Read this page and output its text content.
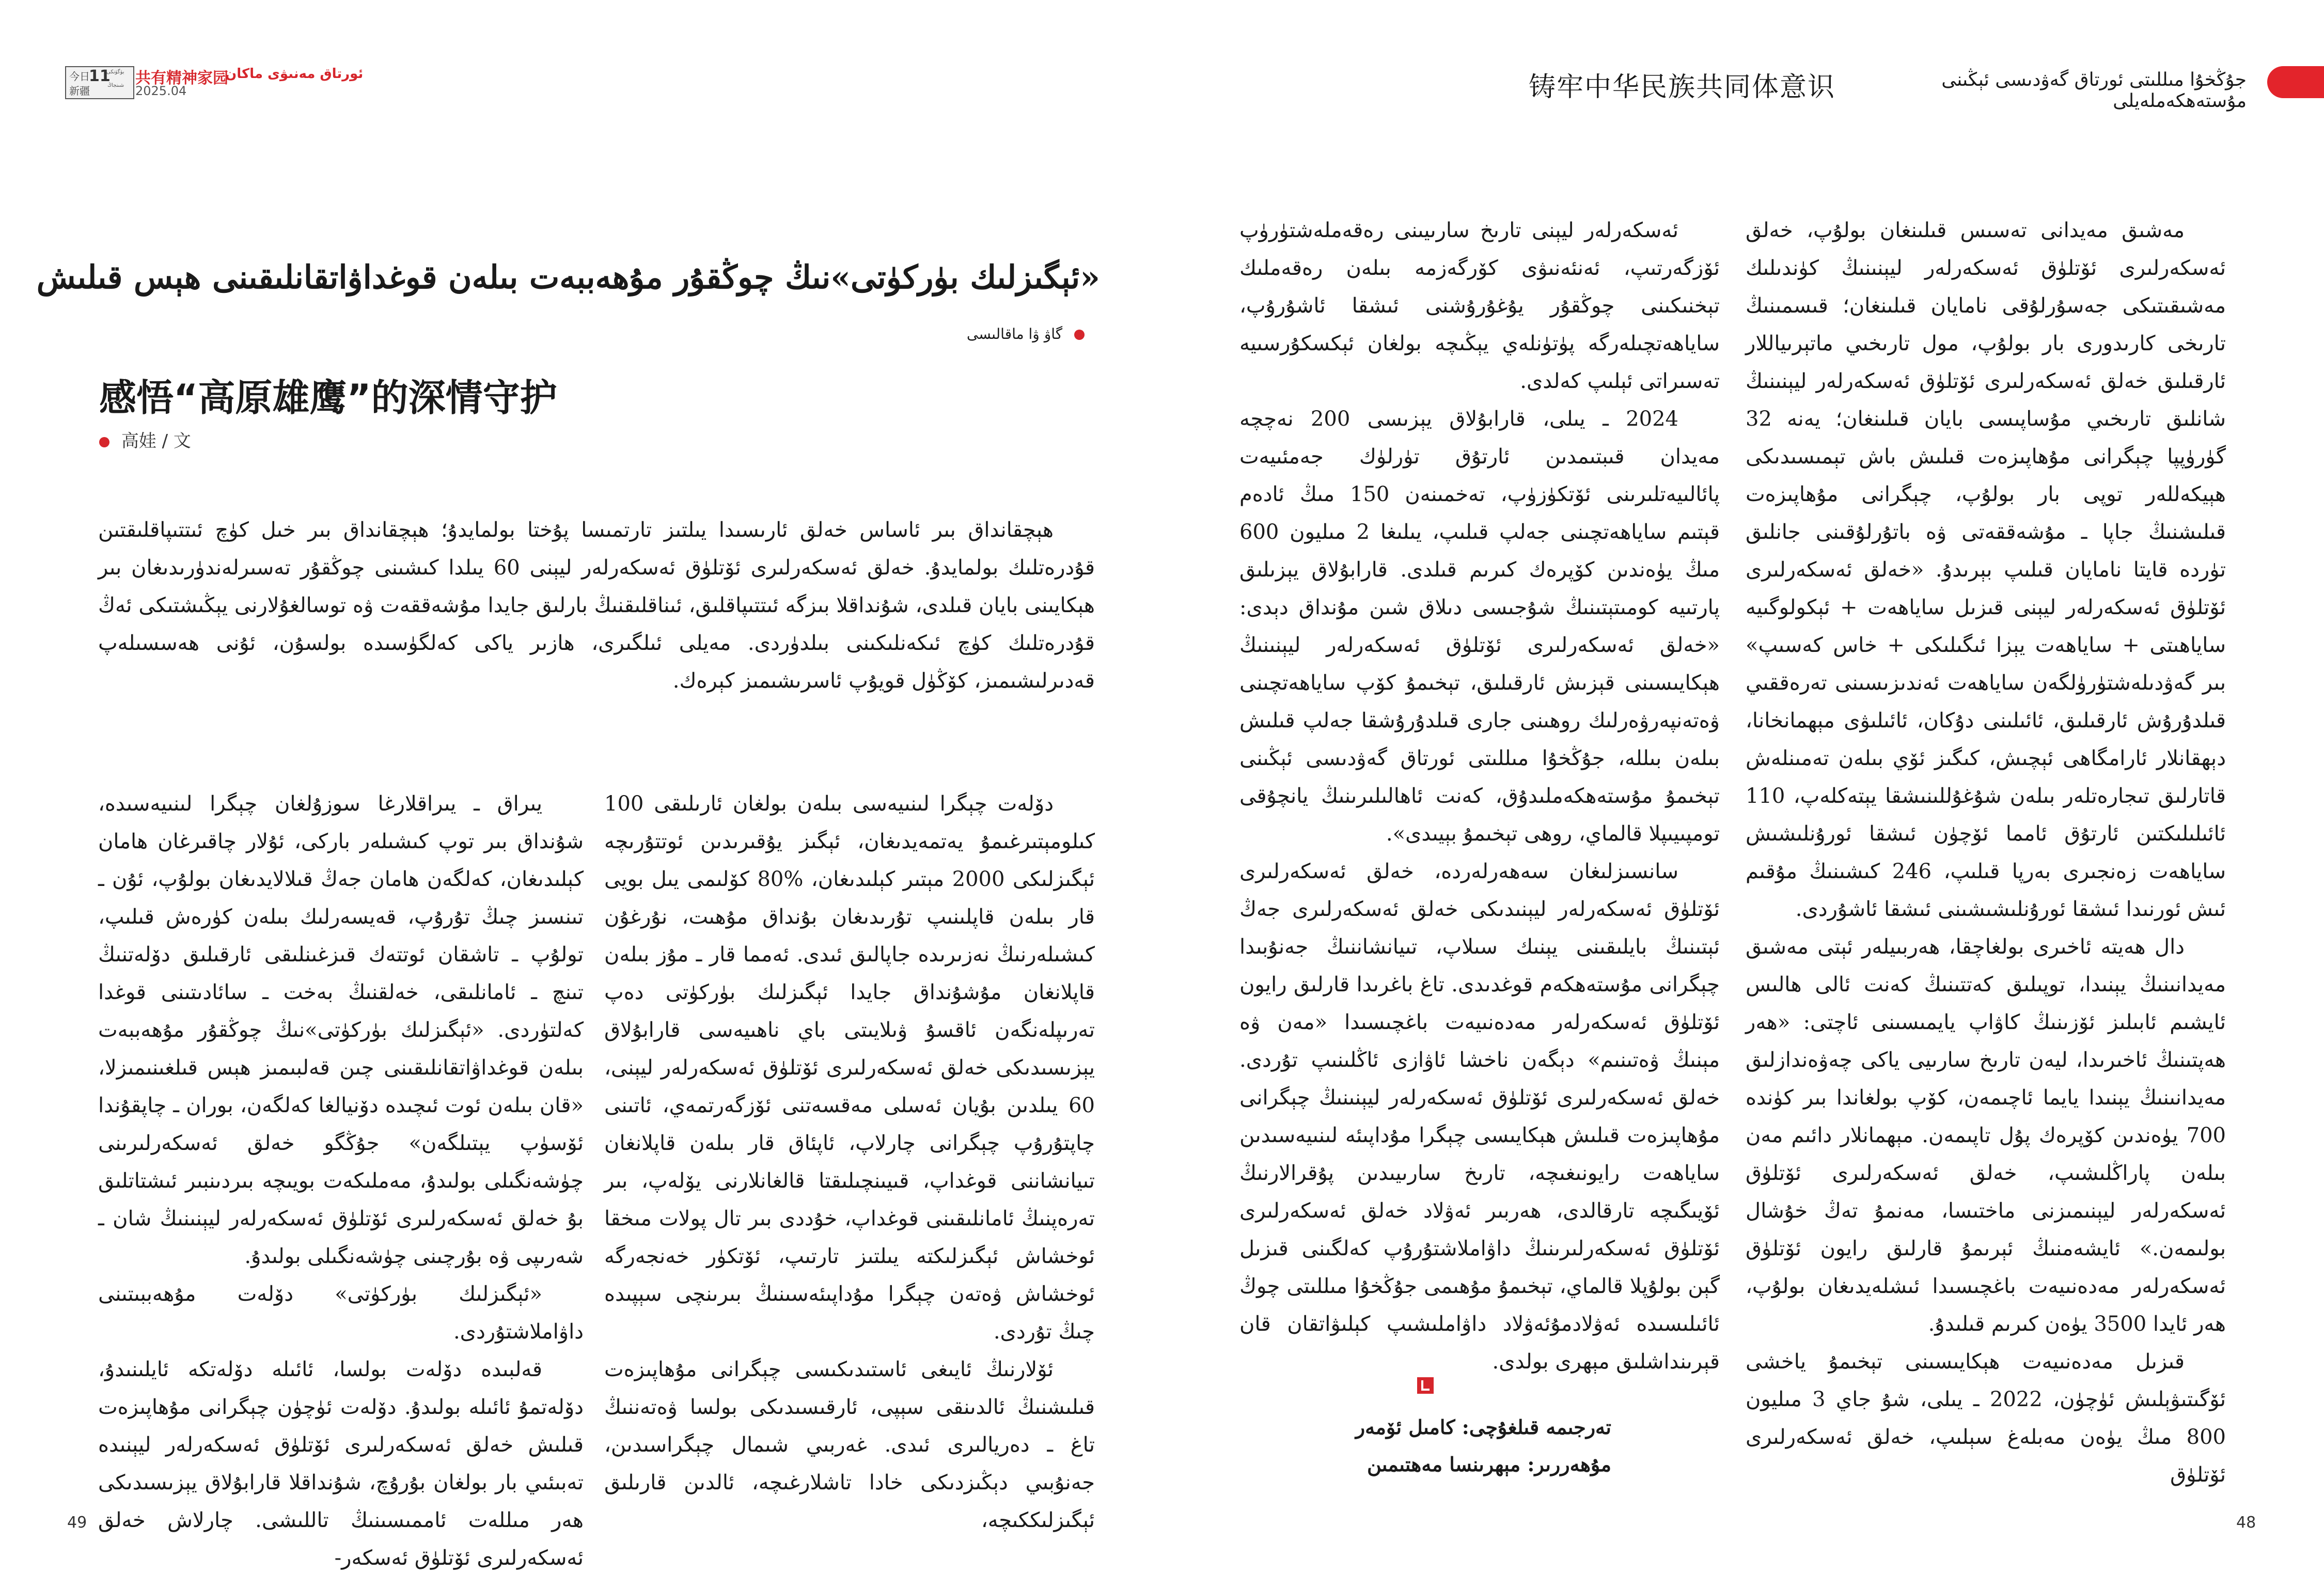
今日
11
新疆
بۈگۈنكى
شىنجاڭ 共有精神家园
ئورتاق مەنىۋى ماكان
2025.04	铸牢中华民族共同体意识	جۇڭخۇا مىللىتى ئورتاق گەۋدىسى ئېڭىنى مۇستەھكەملەيلى
«ئېگىزلىك بۈركۈتى»نىڭ چوڭقۇر مۇھەببەت بىلەن قوغداۋاتقانلىقىنى ھېس قىلىش
گاۋ ۋا ماقالىسى
感悟“高原雄鹰”的深情守护
高娃 / 文

ھېچقانداق بىر ئاساس خەلق ئارىسىدا يىلتىز تارتمىسا پۇختا بولمايدۇ؛ ھېچقانداق بىر خىل كۈچ ئىتتىپاقلىقتىن قۇدرەتلىك بولمايدۇ. خەلق ئەسكەرلىرى ئۆتلۈق ئەسكەرلەر ليېنى 60 يىلدا كىشىنى چوڭقۇر تەسىرلەندۈرىدىغان بىر ھېكايىنى بايان قىلدى، شۇنداقلا بىزگە ئىتتىپاقلىق، ئىناقلىقنىڭ بارلىق جايدا مۇشەققەت ۋە توسالغۇلارنى يېڭىشتىكى ئەڭ قۇدرەتلىك كۈچ ئىكەنلىكىنى بىلدۈردى. مەيلى ئىلگىرى، ھازىر ياكى كەلگۈسىدە بولسۇن، ئۇنى ھەسسىلەپ قەدىرلىشىمىز، كۆڭۈل قويۇپ ئاسرىشىمىز كېرەك.

دۆلەت چېگرا لىنىيەسى بىلەن بولغان ئارىلىقى 100 كىلومېتىرغىمۇ يەتمەيدىغان، ئېگىز يۇقىرىدىن ئوتتۇرىچە ئېگىزلىكى 2000 مېتىر كېلىدىغان، %80 كۆلىمى يىل بويى قار بىلەن قاپلىنىپ تۇرىدىغان بۇنداق مۇھىت، نۇرغۇن كىشىلەرنىڭ نەزىرىدە جاپالىق ئىدى. ئەمما قار ـ مۇز بىلەن قاپلانغان مۇشۇنداق جايدا ئېگىزلىك بۈركۈتى دەپ تەرىپلەنگەن ئاقسۇ ۋىلايىتى باي ناھىيەسى قارابۇلاق يېزىسىدىكى خەلق ئەسكەرلىرى ئۆتلۈق ئەسكەرلەر ليېنى، 60 يىلدىن بۇيان ئەسلى مەقسەتنى ئۆزگەرتمەي، ئاتىنى چاپتۇرۇپ چېگرانى چارلاپ، ئاپئاق قار بىلەن قاپلانغان تىيانشاننى قوغداپ، قىيىنچىلىقتا قالغانلارنى يۆلەپ، بىر تەرەپنىڭ ئامانلىقىنى قوغداپ، خۇددى بىر تال پولات مىخقا ئوخشاش ئېگىزلىكتە يىلتىز تارتىپ، ئۆتكۈر خەنجەرگە ئوخشاش ۋەتەن چېگرا مۇداپىئەسىنىڭ بىرىنچى سېپىدە چىڭ تۇردى.

ئۆلارنىڭ ئايىغى ئاستىدىكىسى چېگرانى مۇھاپىزەت قىلىشنىڭ ئالدىنقى سېپى، ئارقىسىدىكى بولسا ۋەتەننىڭ تاغ ـ دەريالىرى ئىدى. غەربىي شىمال چېگراسىدىن، جەنۇبىي دېڭىزدىكى خادا تاشلارغىچە، ئالدىن قارىلىق ئېگىزلىككىچە،

يىراق ـ يىراقلارغا سوزۇلغان چېگرا لىنىيەسىدە، شۇنداق بىر توپ كىشىلەر باركى، ئۇلار چاقىرغان ھامان كېلىدىغان، كەلگەن ھامان جەڭ قىلالايدىغان بولۇپ، ئۇن ـ تىنسىز چىڭ تۇرۇپ، قەيسەرلىك بىلەن كۈرەش قىلىپ، تولۇپ ـ تاشقان ئوتتەك قىزغىنلىقى ئارقىلىق دۆلەتنىڭ تىنچ ـ ئامانلىقى، خەلقنىڭ بەخت ـ سائادىتىنى قوغدا كەلتۈردى. «ئېگىزلىك بۈركۈتى»نىڭ چوڭقۇر مۇھەببەت بىلەن قوغداۋاتقانلىقىنى چىن قەلبىمىز ھېس قىلغىنىمىزلا، «قان بىلەن ئوت ئىچىدە دۆنيالغا كەلگەن، بوران ـ چاپقۇندا ئۆسۈپ يېتىلگەن» جۇڭگو خەلق ئەسكەرلىرىنى چۈشەنگىلى بولىدۇ، مەملىكەت بويىچە بىردىنبىر ئىشتاتلىق بۇ خەلق ئەسكەرلىرى ئۆتلۈق ئەسكەرلەر ليېنىنىڭ شان ـ شەرىپى ۋە بۇرچىنى چۈشەنگىلى بولىدۇ.

«ئېگىزلىك بۈركۈتى» دۆلەت مۇھەببىتىنى داۋاملاشتۇردى.

قەلبىدە دۆلەت بولسا، ئائىلە دۆلەتكە ئايلىنىدۇ، دۆلەتمۇ ئائىلە بولىدۇ. دۆلەت ئۈچۈن چېگرانى مۇھاپىزەت قىلىش خەلق ئەسكەرلىرى ئۆتلۈق ئەسكەرلەر ليېنىدە تەبىئىي بار بولغان بۇرۇچ، شۇنداقلا قارابۇلاق يېزىسىدىكى ھەر مىللەت ئاممىسىنىڭ تاللىشى. چارلاش خەلق ئەسكەرلىرى ئۆتلۈق ئەسكەر-

49

مەشىق مەيدانى تەسىس قىلىنغان بولۇپ، خەلق ئەسكەرلىرى ئۆتلۈق ئەسكەرلەر ليېنىنىڭ كۈندىلىك مەشىقىتىكى جەسۇرلۇقى نامايان قىلىنغان؛ قىسمىنىڭ تارىخى كارىدورى بار بولۇپ، مول تارىخىي ماتېرىياللار ئارقىلىق خەلق ئەسكەرلىرى ئۆتلۈق ئەسكەرلەر ليېنىنىڭ شانلىق تارىخىي مۇساپىسى بايان قىلىنغان؛ يەنە 32 گۈرۈپپا چېگرانى مۇھاپىزەت قىلىش باش تېمىسىدىكى ھېيكەللەر توپى بار بولۇپ، چېگرانى مۇھاپىزەت قىلىشنىڭ جاپا ـ مۇشەققەتى ۋە باتۇرلۇقىنى جانلىق تۈردە قايتا نامايان قىلىپ بېرىدۇ. «خەلق ئەسكەرلىرى ئۆتلۈق ئەسكەرلەر ليېنى قىزىل ساياھەت + ئېكولوگىيە ساياھىتى + ساياھەت يېزا ئىگىلىكى + خاس كەسىپ» بىر گەۋدىلەشتۈرۈلگەن ساياھەت ئەندىزىسىنى تەرەققىي قىلدۇرۇش ئارقىلىق، ئائىلىنى دۇكان، ئائىلىۋى مېھمانخانا، دېھقانلار ئارامگاھى ئېچىش، كىگىز ئۆي بىلەن تەمىنلەش قاتارلىق تىجارەتلەر بىلەن شۇغۇللىنىشقا يېتەكلەپ، 110 ئائىلىلىكتىن ئارتۇق ئامما ئۆچۈن ئىشقا ئورۇنلىشىش ساياھەت زەنجىرى بەرپا قىلىپ، 246 كىشىنىڭ مۇقىم ئىش ئورنىدا ئىشقا ئورۇنلىشىشىنى ئىشقا ئاشۇردى.

دال ھەيتە ئاخىرى بولغاچقا، ھەربىيلەر ئېتى مەشىق مەيدانىنىڭ يېنىدا، توپىلىق كەتتىنىڭ كەنت ئالى ھالىس ئايشىم ئابىلىز ئۆزىنىڭ كاۋاپ يايمىسىنى ئاچتى: «ھەر ھەپتىنىڭ ئاخىرىدا، ليەن تارىخ سارىيى ياكى چەۋەندازلىق مەيدانىنىڭ يېنىدا يايما ئاچىمەن، كۆپ بولغاندا بىر كۈندە 700 يۈەندىن كۆپرەك پۇل تاپىمەن. مېھمانلار دائىم مەن بىلەن پاراڭلىشىپ، خەلق ئەسكەرلىرى ئۆتلۈق ئەسكەرلەر ليېنىمىزنى ماختىسا، مەنمۇ تەڭ خۇشال بولىمەن.» ئايشەمنىڭ ئېرىمۇ قارلىق رايون ئۆتلۈق ئەسكەرلەر مەدەنىيەت باغچىسىدا ئىشلەيدىغان بولۇپ، ھەر ئايدا 3500 يۈەن كىرىم قىلىدۇ.

قىزىل مەدەنىيەت ھېكايىسىنى تېخىمۇ ياخشى ئۆگىتىۋېلىش ئۈچۈن، 2022 ـ يىلى، شۇ جاي 3 مىليون 800 مىڭ يۈەن مەبلەغ سېلىپ، خەلق ئەسكەرلىرى ئۆتلۈق

ئەسكەرلەر ليېنى تارىخ سارىيىنى رەقەملەشتۈرۈپ ئۆزگەرتىپ، ئەنئەنىۋى كۆرگەزمە بىلەن رەقەملىك تېخنىكىنى چوڭقۇر يۇغۇرۇشنى ئىشقا ئاشۇرۇپ، ساياھەتچىلەرگە پۈتۈنلەي يېڭىچە بولغان ئېكسكۇرسىيە تەسىراتى ئېلىپ كەلدى.

2024 ـ يىلى، قارابۇلاق يېزىسى 200 نەچچە مەيدان قىبتىمدىن ئارتۇق تۈرلۈك جەمئىيەت پائالىيەتلىرىنى ئۆتكۈزۈپ، تەخمىنەن 150 مىڭ ئادەم قېتىم ساياھەتچىنى جەلپ قىلىپ، يىلىغا 2 مىليون 600 مىڭ يۈەندىن كۆپرەك كىرىم قىلدى. قارابۇلاق يېزىلىق پارتىيە كومىتېتىنىڭ شۇجىسى دىلاق شىن مۇنداق دېدى: «خەلق ئەسكەرلىرى ئۆتلۈق ئەسكەرلەر ليېنىنىڭ ھېكايىسىنى قېزىش ئارقىلىق، تېخىمۇ كۆپ ساياھەتچىنى ۋەتەنپەرۋەرلىك روھىنى جارى قىلدۇرۇشقا جەلپ قىلىش بىلەن بىللە، جۇڭخۇا مىللىتى ئورتاق گەۋدىسى ئېڭىنى تېخىمۇ مۇستەھكەملىدۇق، كەنت ئاھالىلىرىنىڭ يانچۇقى تومپىيىپلا قالماي، روھى تېخىمۇ بېيىدى».

سانسىزلىغان سەھەرلەردە، خەلق ئەسكەرلىرى ئۆتلۈق ئەسكەرلەر ليېنىدىكى خەلق ئەسكەرلىرى جەڭ ئېتىنىڭ بايلىقىنى يېنىك سىلاپ، تىيانشاننىڭ جەنۇبىدا چېگرانى مۇستەھكەم قوغدىدى. تاغ باغرىدا قارلىق رايون ئۆتلۈق ئەسكەرلەر مەدەنىيەت باغچىسىدا «مەن ۋە مېنىڭ ۋەتىنىم» دېگەن ناخشا ئاۋازى ئاڭلىنىپ تۇردى. خەلق ئەسكەرلىرى ئۆتلۈق ئەسكەرلەر ليېنىنىڭ چېگرانى مۇھاپىزەت قىلىش ھېكايىسى چېگرا مۇداپىئە لىنىيەسىدىن ساياھەت رايونىغىچە، تارىخ سارىيىدىن پۇقرالارنىڭ ئۆيىگىچە تارقالدى، ھەربىر ئەۋلاد خەلق ئەسكەرلىرى ئۆتلۈق ئەسكەرلىرىنىڭ داۋاملاشتۇرۇپ كەلگىنى قىزىل گېن بولۇپلا قالماي، تېخىمۇ مۇھىمى جۇڭخۇا مىللىتى چوڭ ئائىلىسىدە ئەۋلادمۇئەۋلاد داۋاملىشىپ كېلىۋاتقان قان قېرىنداشلىق مېھرى بولدى.

تەرجىمە قىلغۇچى: كامىل ئۆمەر
مۇھەررىر: مېھرىنسا مەھتىمىن
48
